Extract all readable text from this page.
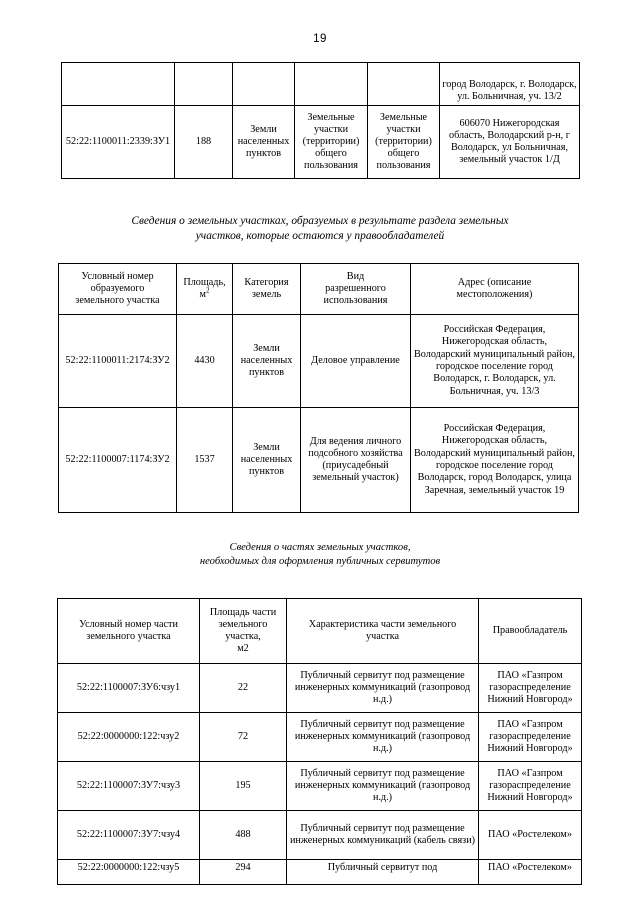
19
					город Володарск, г. Володарск, ул. Больничная, уч. 13/2
52:22:1100011:2339:ЗУ1	188	Земли населенных пунктов	Земельные участки (территории) общего пользования	Земельные участки (территории) общего пользования	606070 Нижегородская область, Володарский р-н, г Володарск, ул Больничная, земельный участок 1/Д
Сведения о земельных участках, образуемых в результате раздела земельных
участков, которые остаются у правообладателей
Условный номер
образуемого
земельного участка	Площадь,
$м^2$	Категория
земель	Вид
разрешенного
использования	Адрес (описание
местоположения)
52:22:1100011:2174:ЗУ2	4430	Земли населенных пунктов	Деловое управление	Российская Федерация, Нижегородская область, Володарский муниципальный район, городское поселение город Володарск, г. Володарск, ул. Больничная, уч. 13/3
52:22:1100007:1174:ЗУ2	1537	Земли населенных пунктов	Для ведения личного подсобного хозяйства (приусадебный земельный участок)	Российская Федерация, Нижегородская область, Володарский муниципальный район, городское поселение город Володарск, город Володарск, улица Заречная, земельный участок 19
Сведения о частях земельных участков,
необходимых для оформления публичных сервитутов
Условный номер части
земельного участка	Площадь части
земельного
участка,
м2	Характеристика части земельного
участка	Правообладатель
52:22:1100007:ЗУ6:чзу1	22	Публичный сервитут под размещение инженерных коммуникаций (газопровод н.д.)	ПАО «Газпром газораспределение Нижний Новгород»
52:22:0000000:122:чзу2	72	Публичный сервитут под размещение инженерных коммуникаций (газопровод н.д.)	ПАО «Газпром газораспределение Нижний Новгород»
52:22:1100007:ЗУ7:чзу3	195	Публичный сервитут под размещение инженерных коммуникаций (газопровод н.д.)	ПАО «Газпром газораспределение Нижний Новгород»
52:22:1100007:ЗУ7:чзу4	488	Публичный сервитут под размещение инженерных коммуникаций (кабель связи)	ПАО «Ростелеком»
52:22:0000000:122:чзу5	294	Публичный сервитут под	ПАО «Ростелеком»
